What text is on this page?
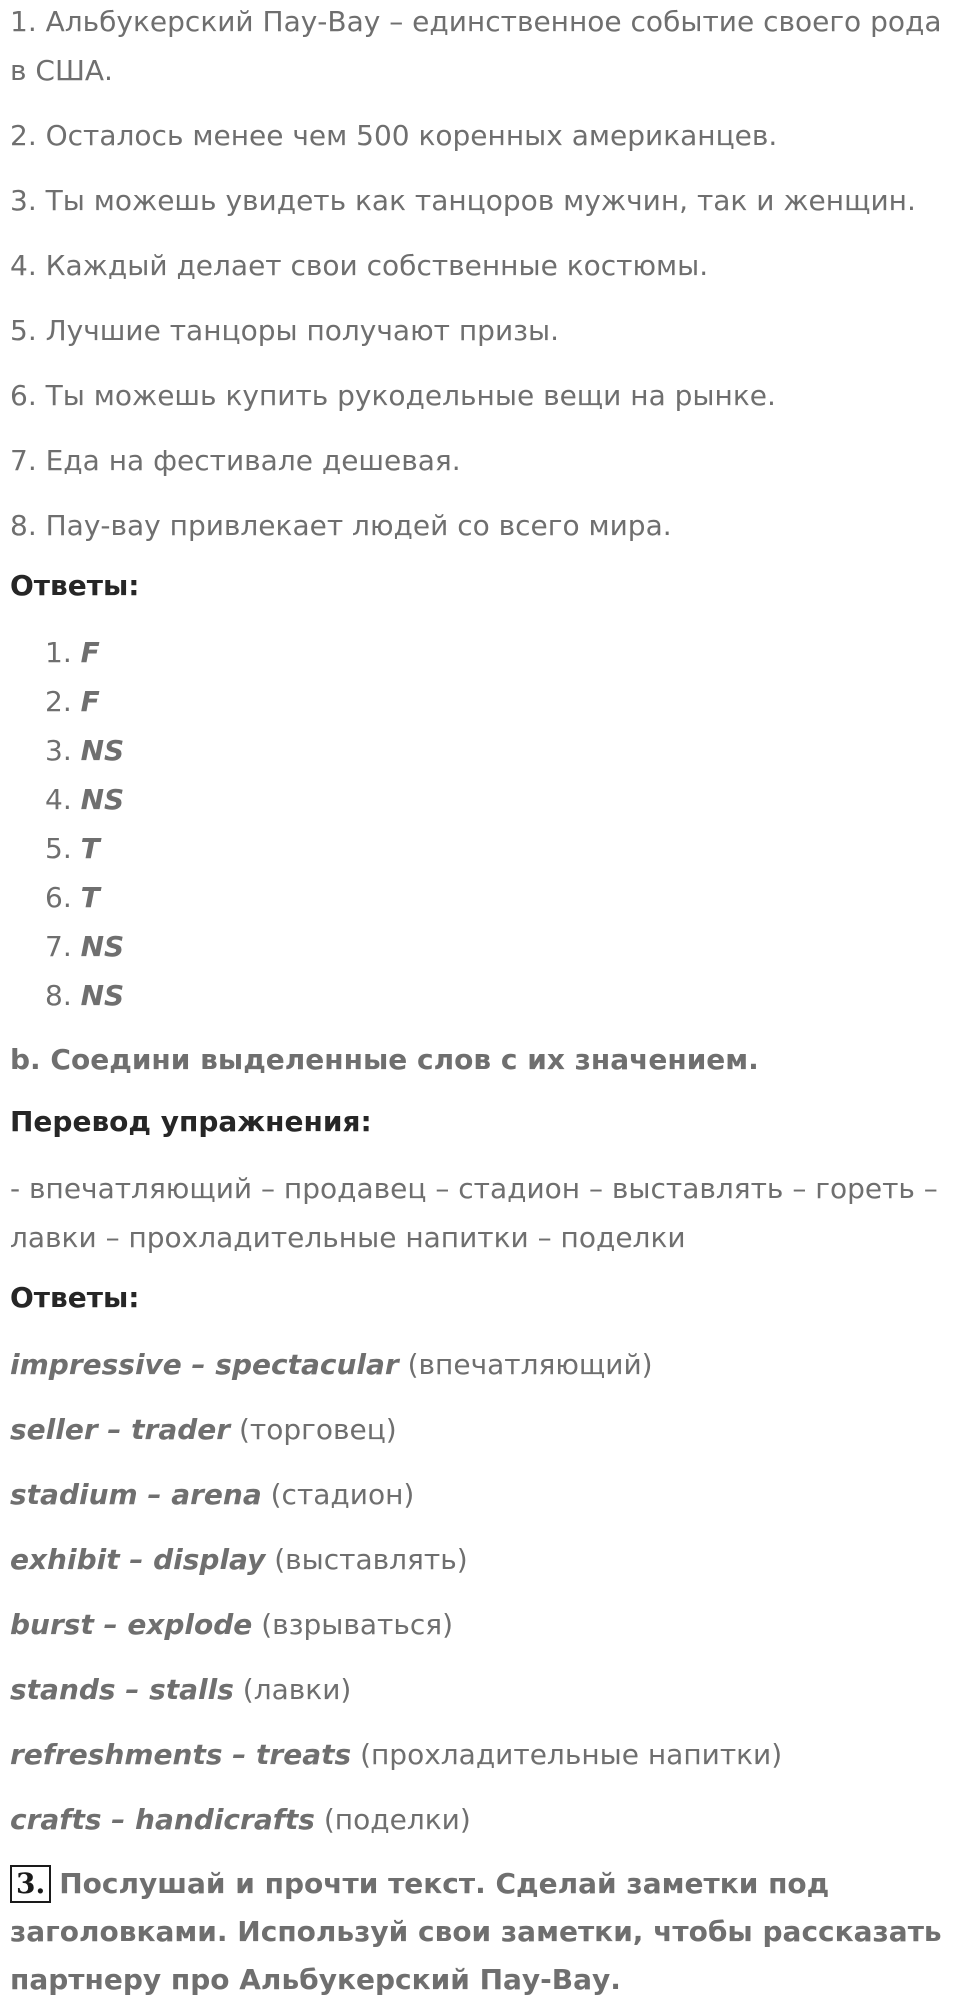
1. Альбукерский Пау-Вау – единственное событие своего рода в США.

2. Осталось менее чем 500 коренных американцев.

3. Ты можешь увидеть как танцоров мужчин, так и женщин.

4. Каждый делает свои собственные костюмы.

5. Лучшие танцоры получают призы.

6. Ты можешь купить рукодельные вещи на рынке.

7. Еда на фестивале дешевая.

8. Пау-вау привлекает людей со всего мира.

Ответы:
1. F
2. F
3. NS
4. NS
5. T
6. T
7. NS
8. NS
b. Соедини выделенные слов с их значением.
Перевод упражнения:

- впечатляющий – продавец – стадион – выставлять – гореть – лавки – прохладительные напитки – поделки

Ответы:

impressive – spectacular (впечатляющий)

seller – trader (торговец)

stadium – arena (стадион)

exhibit – display (выставлять)

burst – explode (взрываться)

stands – stalls (лавки)

refreshments – treats (прохладительные напитки)

crafts – handicrafts (поделки)

3. Послушай и прочти текст. Сделай заметки под заголовками. Используй свои заметки, чтобы рассказать партнеру про Альбукерский Пау-Вау.
